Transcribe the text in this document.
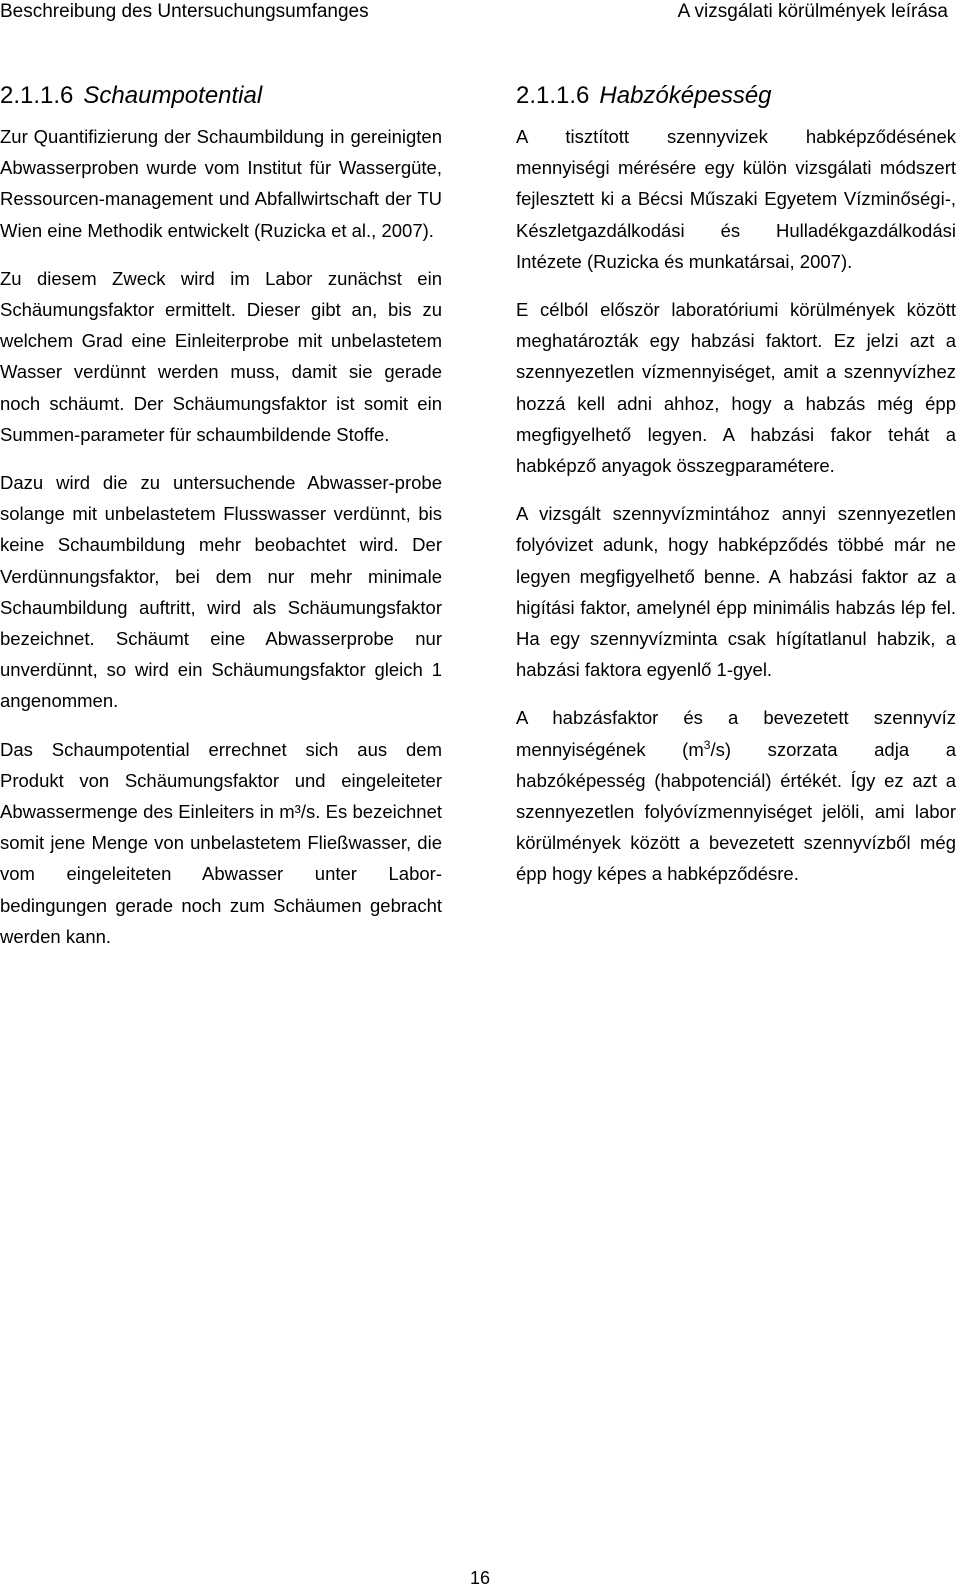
Beschreibung des Untersuchungsumfanges	A vizsgálati körülmények leírása
2.1.1.6 Schaumpotential

Zur Quantifizierung der Schaumbildung in gereinigten Abwasserproben wurde vom Institut für Wassergüte, Ressourcen-management und Abfallwirtschaft der TU Wien eine Methodik entwickelt (Ruzicka et al., 2007).

Zu diesem Zweck wird im Labor zunächst ein Schäumungsfaktor ermittelt. Dieser gibt an, bis zu welchem Grad eine Einleiterprobe mit unbelastetem Wasser verdünnt werden muss, damit sie gerade noch schäumt. Der Schäumungsfaktor ist somit ein Summen-parameter für schaumbildende Stoffe.

Dazu wird die zu untersuchende Abwasser-probe solange mit unbelastetem Flusswasser verdünnt, bis keine Schaumbildung mehr beobachtet wird. Der Verdünnungsfaktor, bei dem nur mehr minimale Schaumbildung auftritt, wird als Schäumungsfaktor bezeichnet. Schäumt eine Abwasserprobe nur unverdünnt, so wird ein Schäumungsfaktor gleich 1 angenommen.

Das Schaumpotential errechnet sich aus dem Produkt von Schäumungsfaktor und eingeleiteter Abwassermenge des Einleiters in m³/s. Es bezeichnet somit jene Menge von unbelastetem Fließwasser, die vom eingeleiteten Abwasser unter Labor-bedingungen gerade noch zum Schäumen gebracht werden kann.

2.1.1.6 Habzóképesség

A tisztított szennyvizek habképződésének mennyiségi mérésére egy külön vizsgálati módszert fejlesztett ki a Bécsi Műszaki Egyetem Vízminőségi-, Készletgazdálkodási és Hulladékgazdálkodási Intézete (Ruzicka és munkatársai, 2007).

E célból először laboratóriumi körülmények között meghatározták egy habzási faktort. Ez jelzi azt a szennyezetlen vízmennyiséget, amit a szennyvízhez hozzá kell adni ahhoz, hogy a habzás még épp megfigyelhető legyen. A habzási fakor tehát a habképző anyagok összegparamétere.

A vizsgált szennyvízmintához annyi szennyezetlen folyóvizet adunk, hogy habképződés többé már ne legyen megfigyelhető benne. A habzási faktor az a higítási faktor, amelynél épp minimális habzás lép fel. Ha egy szennyvízminta csak hígítatlanul habzik, a habzási faktora egyenlő 1-gyel.

A habzásfaktor és a bevezetett szennyvíz mennyiségének $(m^3/s)$ szorzata adja a habzóképesség (habpotenciál) értékét. Így ez azt a szennyezetlen folyóvízmennyiséget jelöli, ami labor körülmények között a bevezetett szennyvízből még épp hogy képes a habképződésre.

16
